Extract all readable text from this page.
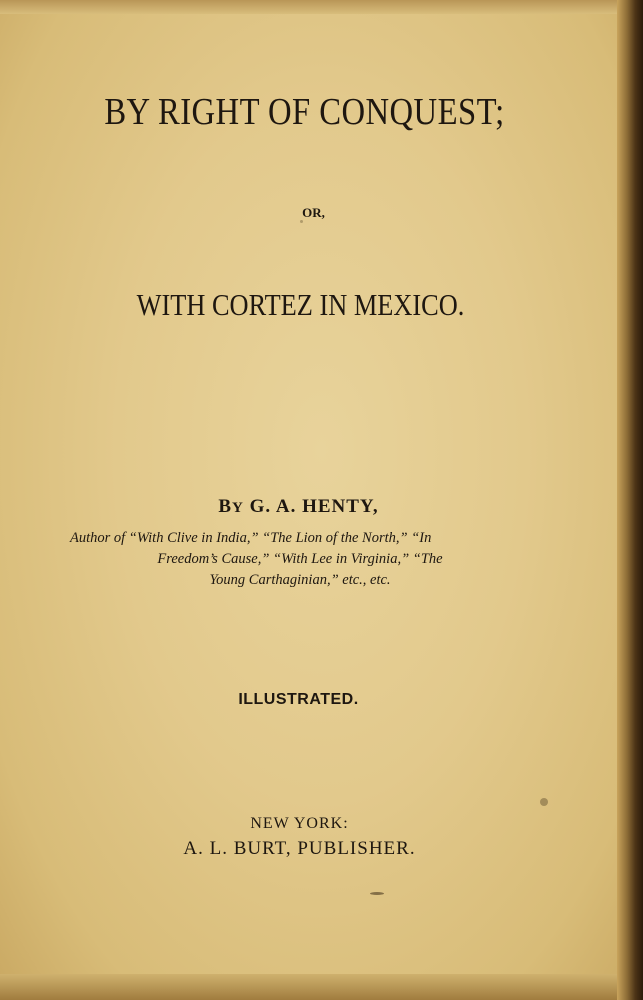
BY RIGHT OF CONQUEST;
OR,
WITH CORTEZ IN MEXICO.
BY G. A. HENTY,
Author of “With Clive in India,” “The Lion of the North,” “In
Freedom’s Cause,” “With Lee in Virginia,” “The
Young Carthaginian,” etc., etc.
ILLUSTRATED.
NEW YORK:
A. L. BURT, PUBLISHER.
